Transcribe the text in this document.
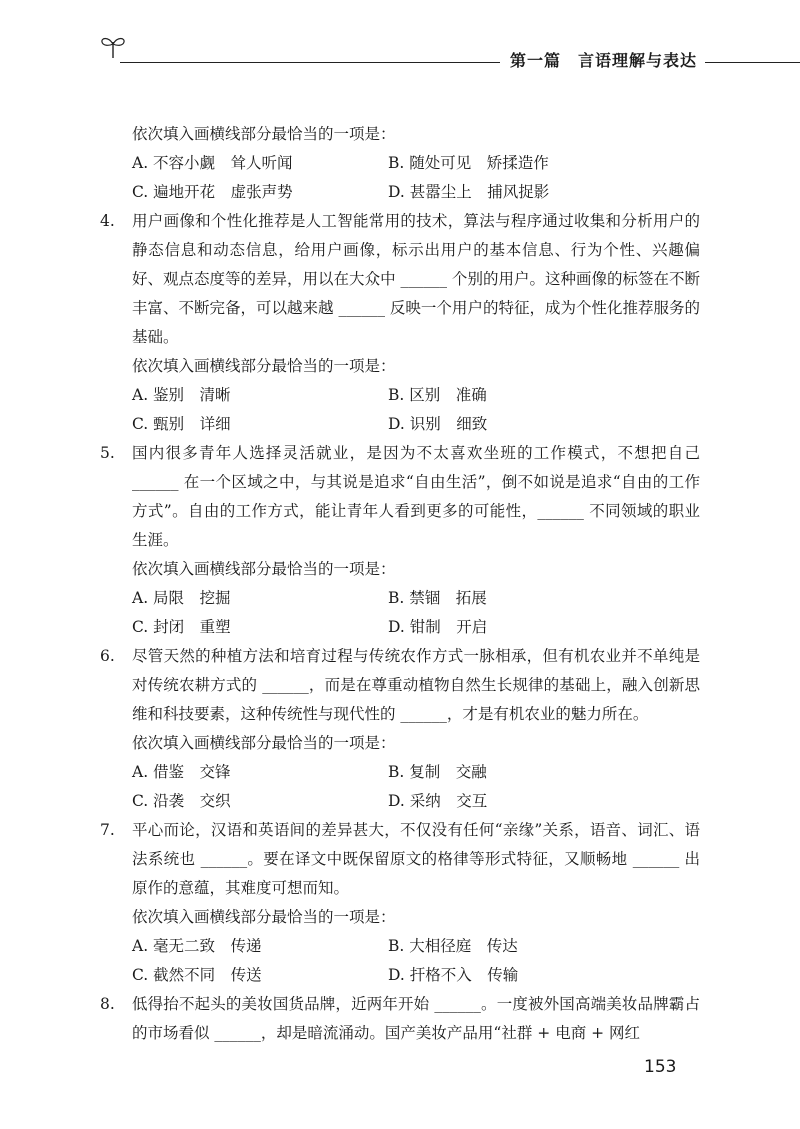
第一篇　言语理解与表达
依次填入画横线部分最恰当的一项是：
A. 不容小觑　耸人听闻	B. 随处可见　矫揉造作
C. 遍地开花　虚张声势	D. 甚嚣尘上　捕风捉影
4.	用户画像和个性化推荐是人工智能常用的技术，算法与程序通过收集和分析用户的静态信息和动态信息，给用户画像，标示出用户的基本信息、行为个性、兴趣偏好、观点态度等的差异，用以在大众中 ______ 个别的用户。这种画像的标签在不断丰富、不断完备，可以越来越 ______ 反映一个用户的特征，成为个性化推荐服务的基础。
依次填入画横线部分最恰当的一项是：
A. 鉴别　清晰	B. 区别　准确
C. 甄别　详细	D. 识别　细致
5.	国内很多青年人选择灵活就业，是因为不太喜欢坐班的工作模式，不想把自己 ______ 在一个区域之中，与其说是追求“自由生活”，倒不如说是追求“自由的工作方式”。自由的工作方式，能让青年人看到更多的可能性，______ 不同领域的职业生涯。
依次填入画横线部分最恰当的一项是：
A. 局限　挖掘	B. 禁锢　拓展
C. 封闭　重塑	D. 钳制　开启
6.	尽管天然的种植方法和培育过程与传统农作方式一脉相承，但有机农业并不单纯是对传统农耕方式的 ______，而是在尊重动植物自然生长规律的基础上，融入创新思维和科技要素，这种传统性与现代性的 ______，才是有机农业的魅力所在。
依次填入画横线部分最恰当的一项是：
A. 借鉴　交锋	B. 复制　交融
C. 沿袭　交织	D. 采纳　交互
7.	平心而论，汉语和英语间的差异甚大，不仅没有任何“亲缘”关系，语音、词汇、语法系统也 ______。要在译文中既保留原文的格律等形式特征，又顺畅地 ______ 出原作的意蕴，其难度可想而知。
依次填入画横线部分最恰当的一项是：
A. 毫无二致　传递	B. 大相径庭　传达
C. 截然不同　传送	D. 扞格不入　传输
8.	低得抬不起头的美妆国货品牌，近两年开始 ______。一度被外国高端美妆品牌霸占的市场看似 ______，却是暗流涌动。国产美妆产品用“社群 + 电商 + 网红
153
